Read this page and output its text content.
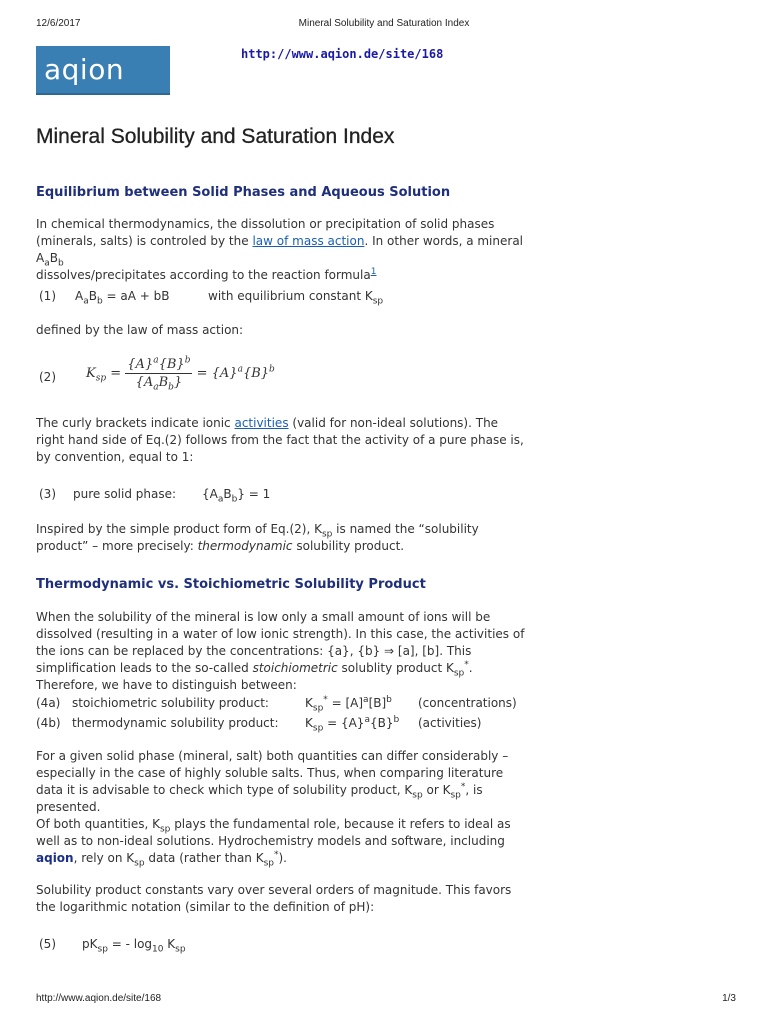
12/6/2017	Mineral Solubility and Saturation Index
aqion	http://www.aqion.de/site/168
Mineral Solubility and Saturation Index
Equilibrium between Solid Phases and Aqueous Solution

In chemical thermodynamics, the dissolution or precipitation of solid phases (minerals, salts) is controled by the law of mass action. In other words, a mineral $A_aB_b$
dissolves/precipitates according to the reaction formula$^1$

(1) $A_aB_b$ = aA + bB	with equilibrium constant $K_{sp}$

defined by the law of mass action:

(2) $K_{sp} = \frac{\{A\}^a\{B\}^b}{\{A_aB_b\}} = \{A\}^a\{B\}^b$

The curly brackets indicate ionic activities (valid for non-ideal solutions). The right hand side of Eq.(2) follows from the fact that the activity of a pure phase is, by convention, equal to 1:

(3) pure solid phase: $\{A_aB_b\} = 1$

Inspired by the simple product form of Eq.(2), $K_{sp}$ is named the “solubility product” – more precisely: thermodynamic solubility product.

Thermodynamic vs. Stoichiometric Solubility Product

When the solubility of the mineral is low only a small amount of ions will be dissolved (resulting in a water of low ionic strength). In this case, the activities of the ions can be replaced by the concentrations: {a}, {b} ⇒ [a], [b]. This simplification leads to the so-called stoichiometric solublity product $K_{sp}^*$. Therefore, we have to distinguish between:

(4a)	stoichiometric solubility product:	$K_{sp}^* = [A]^a[B]^b$	(concentrations)
(4b)	thermodynamic solubility product:	$K_{sp} = \{A\}^a\{B\}^b$	(activities)

For a given solid phase (mineral, salt) both quantities can differ considerably – especially in the case of highly soluble salts. Thus, when comparing literature data it is advisable to check which type of solubility product, $K_{sp}$ or $K_{sp}^*$, is presented.

Of both quantities, $K_{sp}$ plays the fundamental role, because it refers to ideal as well as to non-ideal solutions. Hydrochemistry models and software, including aqion, rely on $K_{sp}$ data (rather than $K_{sp}^*$).

Solubility product constants vary over several orders of magnitude. This favors the logarithmic notation (similar to the definition of pH):

(5) $pK_{sp}$ = - $\log_{10} K_{sp}$
http://www.aqion.de/site/168	1/3
